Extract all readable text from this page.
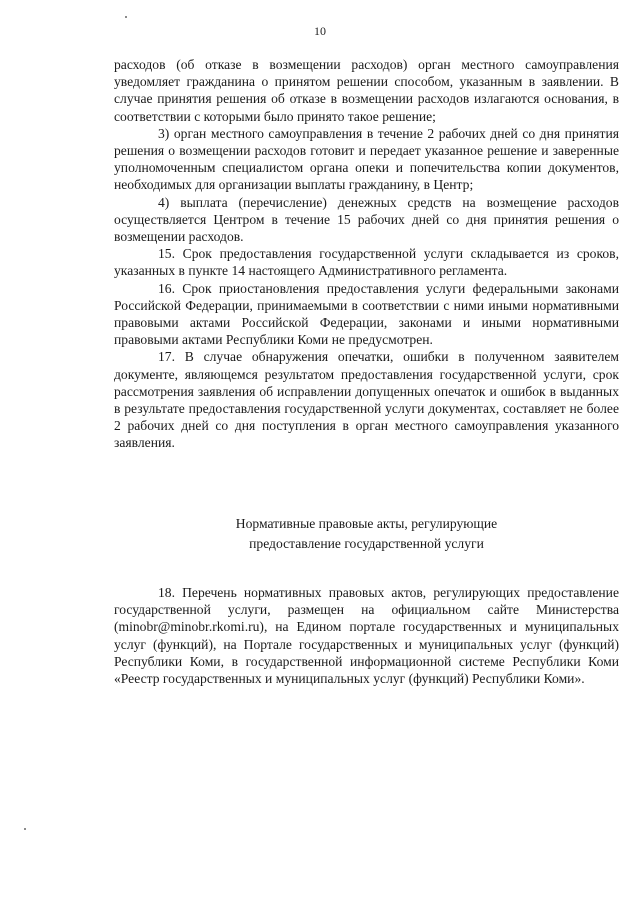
10

расходов (об отказе в возмещении расходов) орган местного самоуправления уведомляет гражданина о принятом решении способом, указанным в заявлении. В случае принятия решения об отказе в возмещении расходов излагаются основания, в соответствии с которыми было принято такое решение;

3) орган местного самоуправления в течение 2 рабочих дней со дня принятия решения о возмещении расходов готовит и передает указанное решение и заверенные уполномоченным специалистом органа опеки и попечительства копии документов, необходимых для организации выплаты гражданину, в Центр;

4) выплата (перечисление) денежных средств на возмещение расходов осуществляется Центром в течение 15 рабочих дней со дня принятия решения о возмещении расходов.

15. Срок предоставления государственной услуги складывается из сроков, указанных в пункте 14 настоящего Административного регламента.

16. Срок приостановления предоставления услуги федеральными законами Российской Федерации, принимаемыми в соответствии с ними иными нормативными правовыми актами Российской Федерации, законами и иными нормативными правовыми актами Республики Коми не предусмотрен.

17. В случае обнаружения опечатки, ошибки в полученном заявителем документе, являющемся результатом предоставления государственной услуги, срок рассмотрения заявления об исправлении допущенных опечаток и ошибок в выданных в результате предоставления государственной услуги документах, составляет не более 2 рабочих дней со дня поступления в орган местного самоуправления указанного заявления.

Нормативные правовые акты, регулирующие
предоставление государственной услуги

18. Перечень нормативных правовых актов, регулирующих предоставление государственной услуги, размещен на официальном сайте Министерства (minobr@minobr.rkomi.ru), на Едином портале государственных и муниципальных услуг (функций), на Портале государственных и муниципальных услуг (функций) Республики Коми, в государственной информационной системе Республики Коми «Реестр государственных и муниципальных услуг (функций) Республики Коми».
